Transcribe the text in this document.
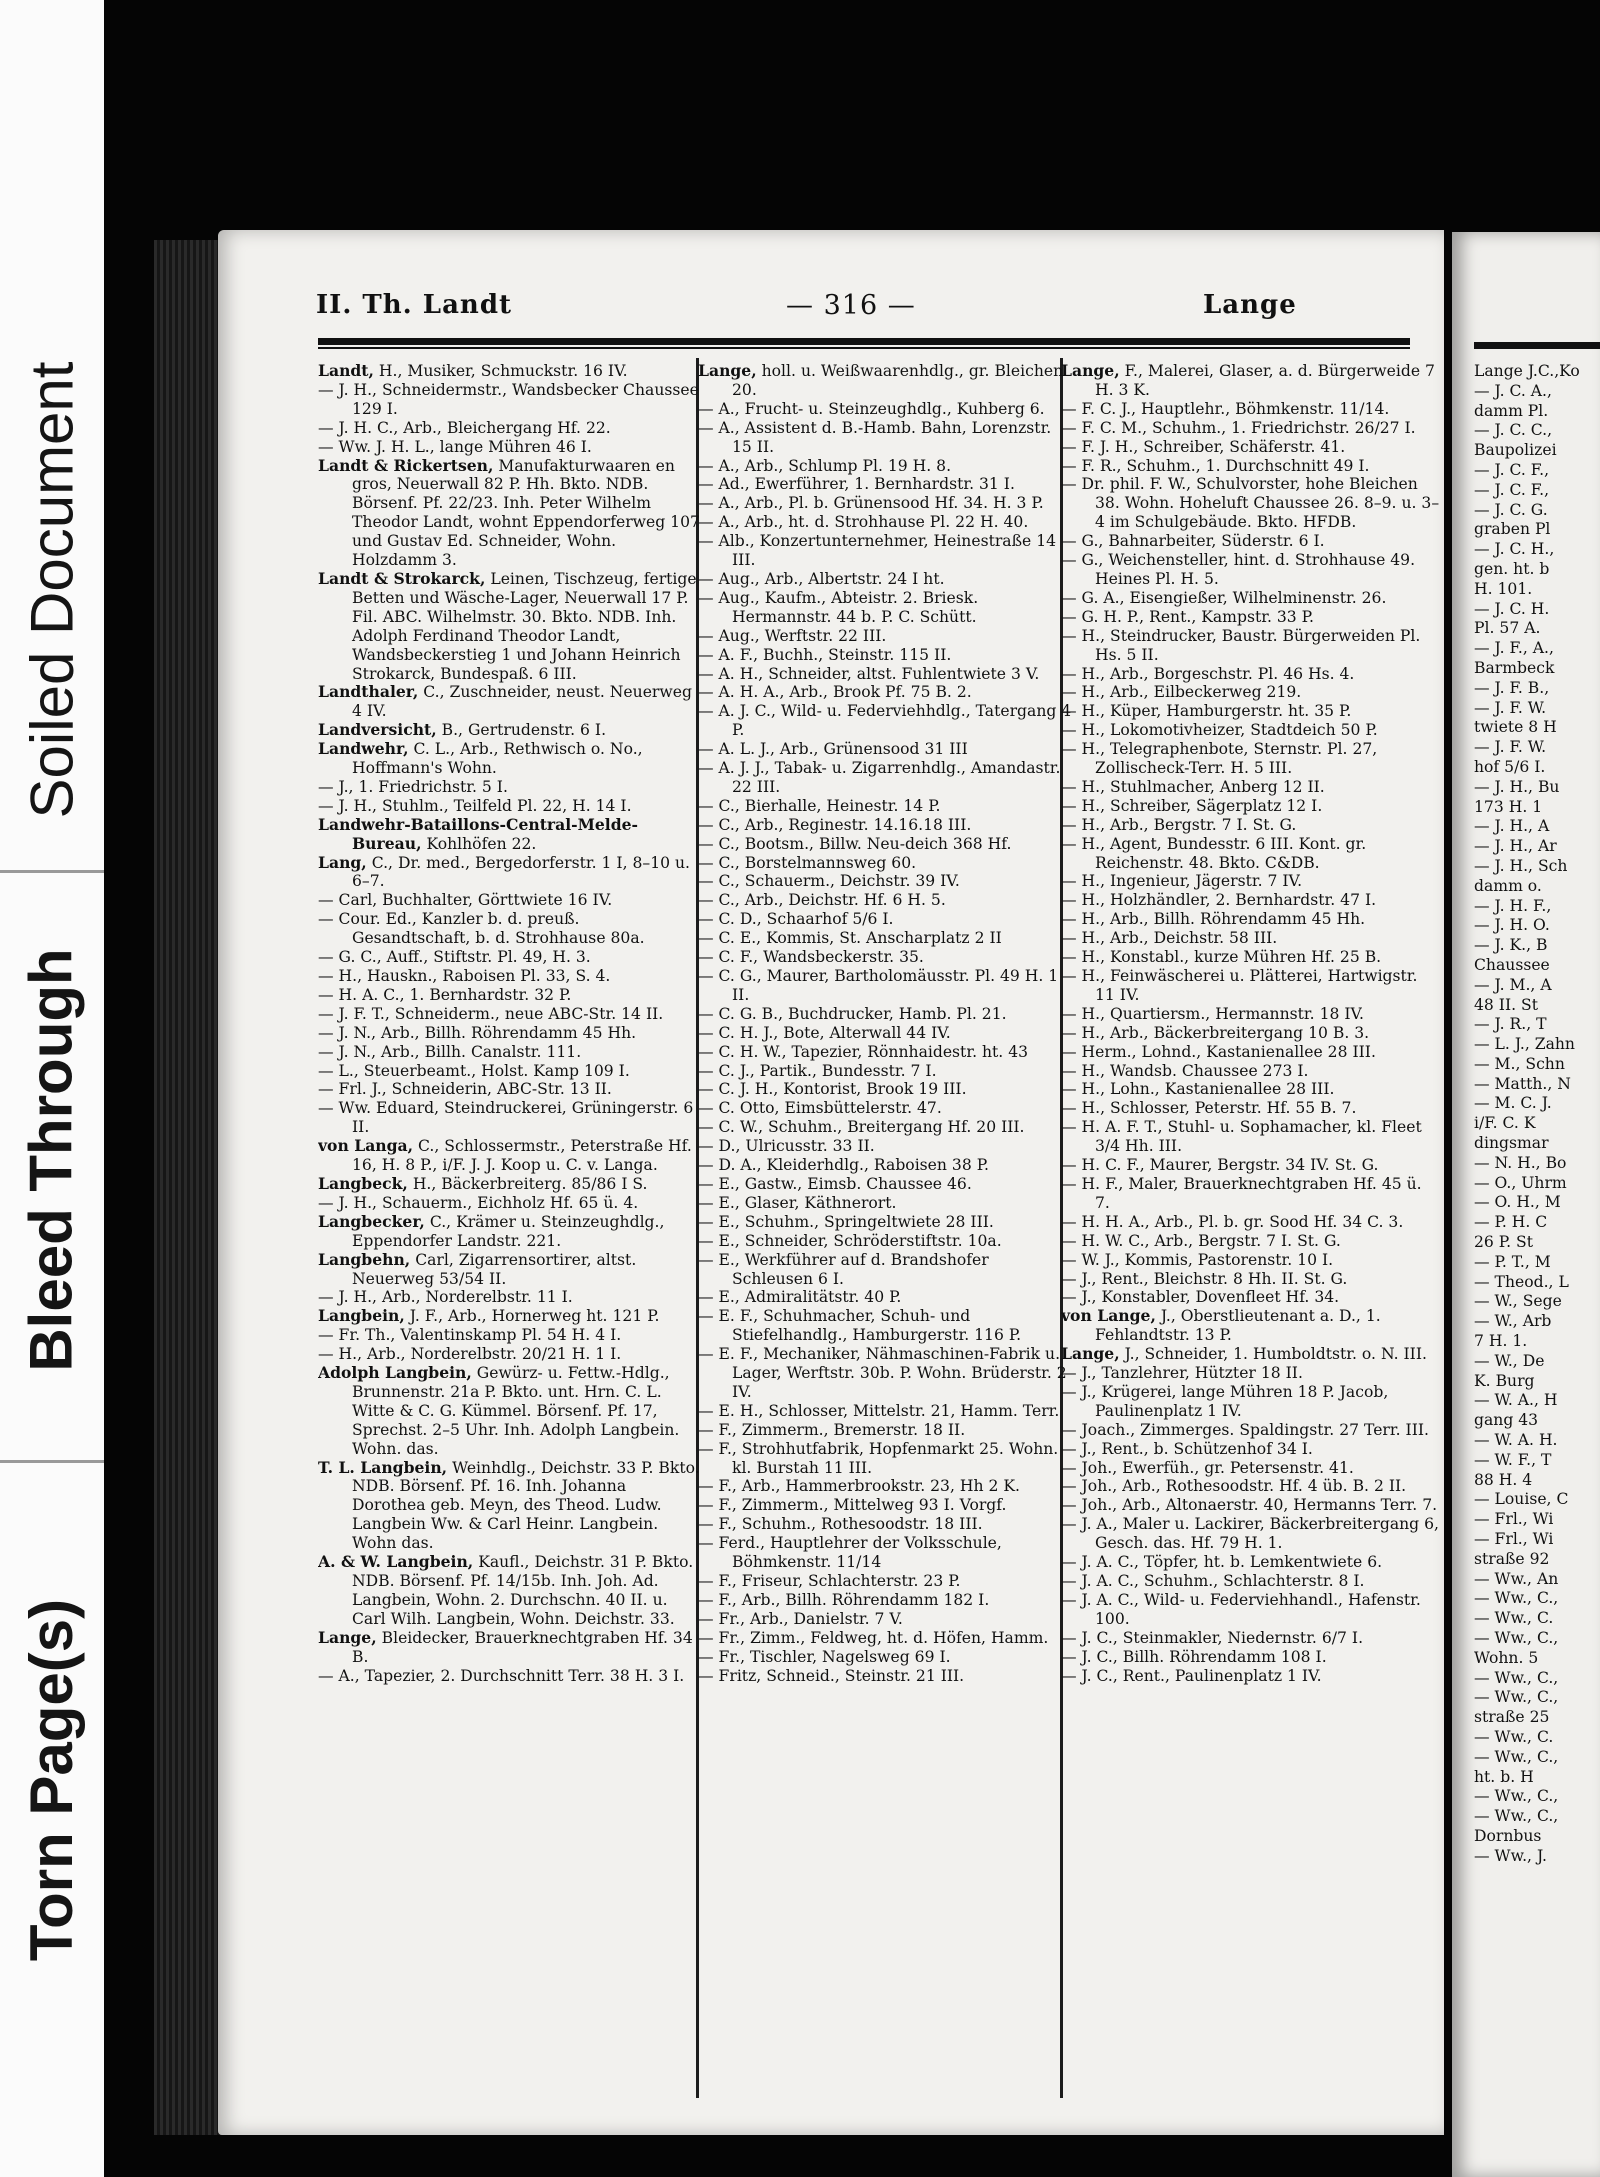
Soiled Document
Bleed Through
Torn Page(s)
II. Th. Landt	— 316 —	Lange
Landt, H., Musiker, Schmuckstr. 16 IV.
— J. H., Schneidermstr., Wandsbecker Chaussee 129 I.
— J. H. C., Arb., Bleichergang Hf. 22.
— Ww. J. H. L., lange Mühren 46 I.
Landt & Rickertsen, Manufakturwaaren en gros, Neuerwall 82 P. Hh. Bkto. NDB. Börsenf. Pf. 22/23. Inh. Peter Wilhelm Theodor Landt, wohnt Eppendorferweg 107 und Gustav Ed. Schneider, Wohn. Holzdamm 3.
Landt & Strokarck, Leinen, Tischzeug, fertige Betten und Wäsche-Lager, Neuerwall 17 P. Fil. ABC. Wilhelmstr. 30. Bkto. NDB. Inh. Adolph Ferdinand Theodor Landt, Wandsbeckerstieg 1 und Johann Heinrich Strokarck, Bundespaß. 6 III.
Landthaler, C., Zuschneider, neust. Neuerweg 4 IV.
Landversicht, B., Gertrudenstr. 6 I.
Landwehr, C. L., Arb., Rethwisch o. No., Hoffmann's Wohn.
— J., 1. Friedrichstr. 5 I.
— J. H., Stuhlm., Teilfeld Pl. 22, H. 14 I.
Landwehr-Bataillons-Central-Melde-Bureau, Kohlhöfen 22.
Lang, C., Dr. med., Bergedorferstr. 1 I, 8–10 u. 6–7.
— Carl, Buchhalter, Görttwiete 16 IV.
— Cour. Ed., Kanzler b. d. preuß. Gesandtschaft, b. d. Strohhause 80a.
— G. C., Auff., Stiftstr. Pl. 49, H. 3.
— H., Hauskn., Raboisen Pl. 33, S. 4.
— H. A. C., 1. Bernhardstr. 32 P.
— J. F. T., Schneiderm., neue ABC-Str. 14 II.
— J. N., Arb., Billh. Röhrendamm 45 Hh.
— J. N., Arb., Billh. Canalstr. 111.
— L., Steuerbeamt., Holst. Kamp 109 I.
— Frl. J., Schneiderin, ABC-Str. 13 II.
— Ww. Eduard, Steindruckerei, Grüningerstr. 6 II.
von Langa, C., Schlossermstr., Peterstraße Hf. 16, H. 8 P., i/F. J. J. Koop u. C. v. Langa.
Langbeck, H., Bäckerbreiterg. 85/86 I S.
— J. H., Schauerm., Eichholz Hf. 65 ü. 4.
Langbecker, C., Krämer u. Steinzeughdlg., Eppendorfer Landstr. 221.
Langbehn, Carl, Zigarrensortirer, altst. Neuerweg 53/54 II.
— J. H., Arb., Norderelbstr. 11 I.
Langbein, J. F., Arb., Hornerweg ht. 121 P.
— Fr. Th., Valentinskamp Pl. 54 H. 4 I.
— H., Arb., Norderelbstr. 20/21 H. 1 I.
Adolph Langbein, Gewürz- u. Fettw.-Hdlg., Brunnenstr. 21a P. Bkto. unt. Hrn. C. L. Witte & C. G. Kümmel. Börsenf. Pf. 17, Sprechst. 2–5 Uhr. Inh. Adolph Langbein. Wohn. das.
T. L. Langbein, Weinhdlg., Deichstr. 33 P. Bkto. NDB. Börsenf. Pf. 16. Inh. Johanna Dorothea geb. Meyn, des Theod. Ludw. Langbein Ww. & Carl Heinr. Langbein. Wohn das.
A. & W. Langbein, Kaufl., Deichstr. 31 P. Bkto. NDB. Börsenf. Pf. 14/15b. Inh. Joh. Ad. Langbein, Wohn. 2. Durchschn. 40 II. u. Carl Wilh. Langbein, Wohn. Deichstr. 33.
Lange, Bleidecker, Brauerknechtgraben Hf. 34 B.
— A., Tapezier, 2. Durchschnitt Terr. 38 H. 3 I.
Lange, holl. u. Weißwaarenhdlg., gr. Bleichen 20.
— A., Frucht- u. Steinzeughdlg., Kuhberg 6.
— A., Assistent d. B.-Hamb. Bahn, Lorenzstr. 15 II.
— A., Arb., Schlump Pl. 19 H. 8.
— Ad., Ewerführer, 1. Bernhardstr. 31 I.
— A., Arb., Pl. b. Grünensood Hf. 34. H. 3 P.
— A., Arb., ht. d. Strohhause Pl. 22 H. 40.
— Alb., Konzertunternehmer, Heinestraße 14 III.
— Aug., Arb., Albertstr. 24 I ht.
— Aug., Kaufm., Abteistr. 2. Briesk. Hermannstr. 44 b. P. C. Schütt.
— Aug., Werftstr. 22 III.
— A. F., Buchh., Steinstr. 115 II.
— A. H., Schneider, altst. Fuhlentwiete 3 V.
— A. H. A., Arb., Brook Pf. 75 B. 2.
— A. J. C., Wild- u. Federviehhdlg., Tatergang 4 P.
— A. L. J., Arb., Grünensood 31 III
— A. J. J., Tabak- u. Zigarrenhdlg., Amandastr. 22 III.
— C., Bierhalle, Heinestr. 14 P.
— C., Arb., Reginestr. 14.16.18 III.
— C., Bootsm., Billw. Neu-deich 368 Hf.
— C., Borstelmannsweg 60.
— C., Schauerm., Deichstr. 39 IV.
— C., Arb., Deichstr. Hf. 6 H. 5.
— C. D., Schaarhof 5/6 I.
— C. E., Kommis, St. Anscharplatz 2 II
— C. F., Wandsbeckerstr. 35.
— C. G., Maurer, Bartholomäusstr. Pl. 49 H. 1 II.
— C. G. B., Buchdrucker, Hamb. Pl. 21.
— C. H. J., Bote, Alterwall 44 IV.
— C. H. W., Tapezier, Rönnhaidestr. ht. 43
— C. J., Partik., Bundesstr. 7 I.
— C. J. H., Kontorist, Brook 19 III.
— C. Otto, Eimsbüttelerstr. 47.
— C. W., Schuhm., Breitergang Hf. 20 III.
— D., Ulricusstr. 33 II.
— D. A., Kleiderhdlg., Raboisen 38 P.
— E., Gastw., Eimsb. Chaussee 46.
— E., Glaser, Käthnerort.
— E., Schuhm., Springeltwiete 28 III.
— E., Schneider, Schröderstiftstr. 10a.
— E., Werkführer auf d. Brandshofer Schleusen 6 I.
— E., Admiralitätstr. 40 P.
— E. F., Schuhmacher, Schuh- und Stiefelhandlg., Hamburgerstr. 116 P.
— E. F., Mechaniker, Nähmaschinen-Fabrik u. Lager, Werftstr. 30b. P. Wohn. Brüderstr. 2 IV.
— E. H., Schlosser, Mittelstr. 21, Hamm. Terr.
— F., Zimmerm., Bremerstr. 18 II.
— F., Strohhutfabrik, Hopfenmarkt 25. Wohn. kl. Burstah 11 III.
— F., Arb., Hammerbrookstr. 23, Hh 2 K.
— F., Zimmerm., Mittelweg 93 I. Vorgf.
— F., Schuhm., Rothesoodstr. 18 III.
— Ferd., Hauptlehrer der Volksschule, Böhmkenstr. 11/14
— F., Friseur, Schlachterstr. 23 P.
— F., Arb., Billh. Röhrendamm 182 I.
— Fr., Arb., Danielstr. 7 V.
— Fr., Zimm., Feldweg, ht. d. Höfen, Hamm.
— Fr., Tischler, Nagelsweg 69 I.
— Fritz, Schneid., Steinstr. 21 III.
Lange, F., Malerei, Glaser, a. d. Bürgerweide 7 H. 3 K.
— F. C. J., Hauptlehr., Böhmkenstr. 11/14.
— F. C. M., Schuhm., 1. Friedrichstr. 26/27 I.
— F. J. H., Schreiber, Schäferstr. 41.
— F. R., Schuhm., 1. Durchschnitt 49 I.
— Dr. phil. F. W., Schulvorster, hohe Bleichen 38. Wohn. Hoheluft Chaussee 26. 8–9. u. 3–4 im Schulgebäude. Bkto. HFDB.
— G., Bahnarbeiter, Süderstr. 6 I.
— G., Weichensteller, hint. d. Strohhause 49. Heines Pl. H. 5.
— G. A., Eisengießer, Wilhelminenstr. 26.
— G. H. P., Rent., Kampstr. 33 P.
— H., Steindrucker, Baustr. Bürgerweiden Pl. Hs. 5 II.
— H., Arb., Borgeschstr. Pl. 46 Hs. 4.
— H., Arb., Eilbeckerweg 219.
— H., Küper, Hamburgerstr. ht. 35 P.
— H., Lokomotivheizer, Stadtdeich 50 P.
— H., Telegraphenbote, Sternstr. Pl. 27, Zollischeck-Terr. H. 5 III.
— H., Stuhlmacher, Anberg 12 II.
— H., Schreiber, Sägerplatz 12 I.
— H., Arb., Bergstr. 7 I. St. G.
— H., Agent, Bundesstr. 6 III. Kont. gr. Reichenstr. 48. Bkto. C&DB.
— H., Ingenieur, Jägerstr. 7 IV.
— H., Holzhändler, 2. Bernhardstr. 47 I.
— H., Arb., Billh. Röhrendamm 45 Hh.
— H., Arb., Deichstr. 58 III.
— H., Konstabl., kurze Mühren Hf. 25 B.
— H., Feinwäscherei u. Plätterei, Hartwigstr. 11 IV.
— H., Quartiersm., Hermannstr. 18 IV.
— H., Arb., Bäckerbreitergang 10 B. 3.
— Herm., Lohnd., Kastanienallee 28 III.
— H., Wandsb. Chaussee 273 I.
— H., Lohn., Kastanienallee 28 III.
— H., Schlosser, Peterstr. Hf. 55 B. 7.
— H. A. F. T., Stuhl- u. Sophamacher, kl. Fleet 3/4 Hh. III.
— H. C. F., Maurer, Bergstr. 34 IV. St. G.
— H. F., Maler, Brauerknechtgraben Hf. 45 ü. 7.
— H. H. A., Arb., Pl. b. gr. Sood Hf. 34 C. 3.
— H. W. C., Arb., Bergstr. 7 I. St. G.
— W. J., Kommis, Pastorenstr. 10 I.
— J., Rent., Bleichstr. 8 Hh. II. St. G.
— J., Konstabler, Dovenfleet Hf. 34.
von Lange, J., Oberstlieutenant a. D., 1. Fehlandtstr. 13 P.
Lange, J., Schneider, 1. Humboldtstr. o. N. III.
— J., Tanzlehrer, Hützter 18 II.
— J., Krügerei, lange Mühren 18 P. Jacob, Paulinenplatz 1 IV.
— Joach., Zimmerges. Spaldingstr. 27 Terr. III.
— J., Rent., b. Schützenhof 34 I.
— Joh., Ewerfüh., gr. Petersenstr. 41.
— Joh., Arb., Rothesoodstr. Hf. 4 üb. B. 2 II.
— Joh., Arb., Altonaerstr. 40, Hermanns Terr. 7.
— J. A., Maler u. Lackirer, Bäckerbreitergang 6, Gesch. das. Hf. 79 H. 1.
— J. A. C., Töpfer, ht. b. Lemkentwiete 6.
— J. A. C., Schuhm., Schlachterstr. 8 I.
— J. A. C., Wild- u. Federviehhandl., Hafenstr. 100.
— J. C., Steinmakler, Niedernstr. 6/7 I.
— J. C., Billh. Röhrendamm 108 I.
— J. C., Rent., Paulinenplatz 1 IV.
Lange J.C.,Ko
— J. C. A.,
damm Pl.
— J. C. C.,
Baupolizei
— J. C. F.,
— J. C. F.,
— J. C. G.
graben Pl
— J. C. H.,
gen. ht. b
H. 101.
— J. C. H.
Pl. 57 A.
— J. F., A.,
Barmbeck
— J. F. B.,
— J. F. W.
twiete 8 H
— J. F. W.
hof 5/6 I.
— J. H., Bu
173 H. 1
— J. H., A
— J. H., Ar
— J. H., Sch
damm o.
— J. H. F.,
— J. H. O.
— J. K., B
Chaussee
— J. M., A
48 II. St
— J. R., T
— L. J., Zahn
— M., Schn
— Matth., N
— M. C. J.
i/F. C. K
dingsmar
— N. H., Bo
— O., Uhrm
— O. H., M
— P. H. C
26 P. St
— P. T., M
— Theod., L
— W., Sege
— W., Arb
7 H. 1.
— W., De
K. Burg
— W. A., H
gang 43
— W. A. H.
— W. F., T
88 H. 4
— Louise, C
— Frl., Wi
— Frl., Wi
straße 92
— Ww., An
— Ww., C.,
— Ww., C.
— Ww., C.,
Wohn. 5
— Ww., C.,
— Ww., C.,
straße 25
— Ww., C.
— Ww., C.,
ht. b. H
— Ww., C.,
— Ww., C.,
Dornbus
— Ww., J.
